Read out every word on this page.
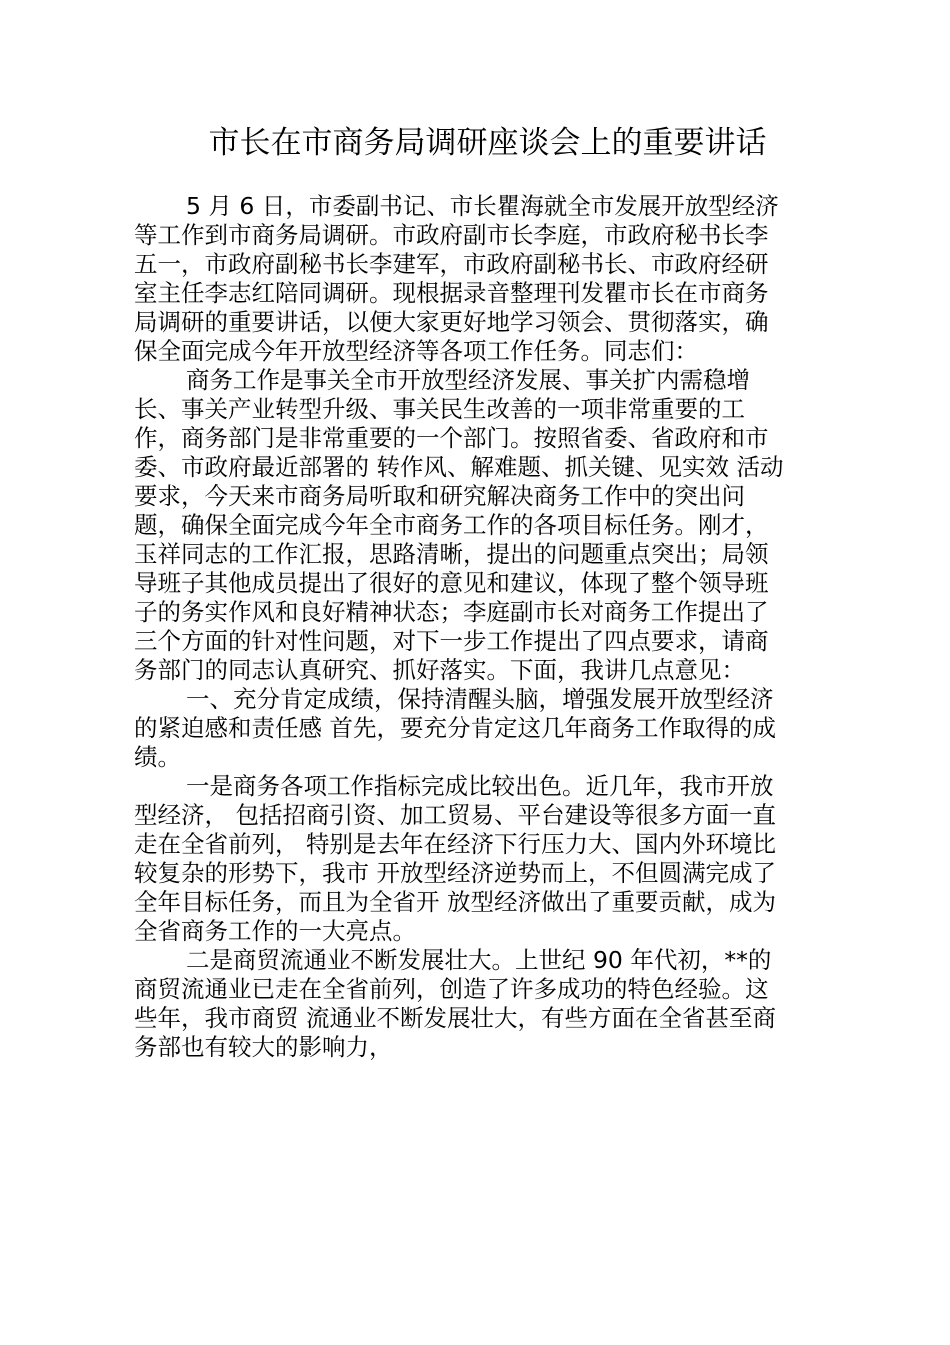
市长在市商务局调研座谈会上的重要讲话
5 月 6 日，市委副书记、市长瞿海就全市发展开放型经济
等工作到市商务局调研。市政府副市长李庭，市政府秘书长李
五一，市政府副秘书长李建军，市政府副秘书长、市政府经研
室主任李志红陪同调研。现根据录音整理刊发瞿市长在市商务
局调研的重要讲话，以便大家更好地学习领会、贯彻落实，确
保全面完成今年开放型经济等各项工作任务。同志们：
商务工作是事关全市开放型经济发展、事关扩内需稳增
长、事关产业转型升级、事关民生改善的一项非常重要的工
作，商务部门是非常重要的一个部门。按照省委、省政府和市
委、市政府最近部署的 转作风、解难题、抓关键、见实效 活动
要求，今天来市商务局听取和研究解决商务工作中的突出问
题，确保全面完成今年全市商务工作的各项目标任务。刚才，
玉祥同志的工作汇报，思路清晰，提出的问题重点突出；局领
导班子其他成员提出了很好的意见和建议，体现了整个领导班
子的务实作风和良好精神状态；李庭副市长对商务工作提出了
三个方面的针对性问题，对下一步工作提出了四点要求，请商
务部门的同志认真研究、抓好落实。下面，我讲几点意见：
一、充分肯定成绩，保持清醒头脑，增强发展开放型经济
的紧迫感和责任感 首先，要充分肯定这几年商务工作取得的成
绩。
一是商务各项工作指标完成比较出色。近几年，我市开放
型经济， 包括招商引资、加工贸易、平台建设等很多方面一直
走在全省前列， 特别是去年在经济下行压力大、国内外环境比
较复杂的形势下，我市 开放型经济逆势而上，不但圆满完成了
全年目标任务，而且为全省开 放型经济做出了重要贡献，成为
全省商务工作的一大亮点。
二是商贸流通业不断发展壮大。上世纪 90 年代初，**的
商贸流通业已走在全省前列，创造了许多成功的特色经验。这
些年，我市商贸 流通业不断发展壮大，有些方面在全省甚至商
务部也有较大的影响力，
